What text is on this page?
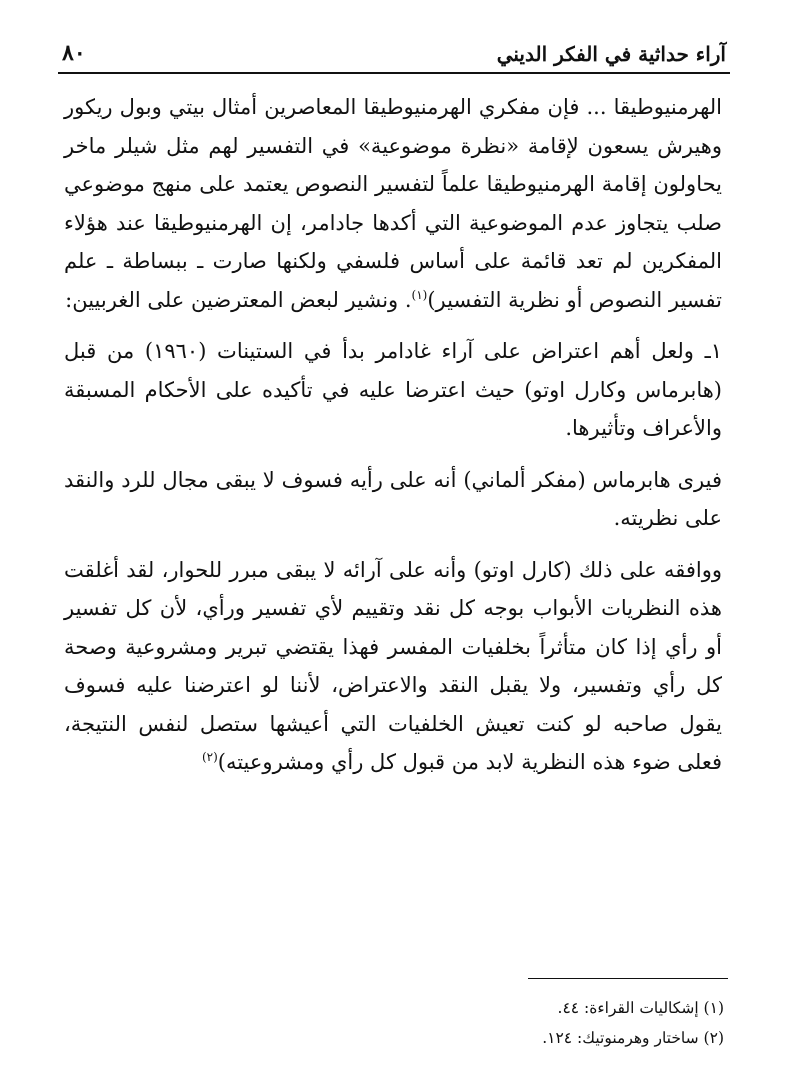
آراء حداثية في الفكر الديني
٨٠

الهرمنيوطيقا ... فإن مفكري الهرمنيوطيقا المعاصرين أمثال بيتي وبول ريكور وهيرش يسعون لإقامة «نظرة موضوعية» في التفسير لهم مثل شيلر ماخر يحاولون إقامة الهرمنيوطيقا علماً لتفسير النصوص يعتمد على منهج موضوعي صلب يتجاوز عدم الموضوعية التي أكدها جادامر، إن الهرمنيوطيقا عند هؤلاء المفكرين لم تعد قائمة على أساس فلسفي ولكنها صارت ـ ببساطة ـ علم تفسير النصوص أو نظرية التفسير)$^{(١)}$. ونشير لبعض المعترضين على الغربيين:

١ـ ولعل أهم اعتراض على آراء غادامر بدأ في الستينات (١٩٦٠) من قبل (هابرماس وكارل اوتو) حيث اعترضا عليه في تأكيده على الأحكام المسبقة والأعراف وتأثيرها.

فيرى هابرماس (مفكر ألماني) أنه على رأيه فسوف لا يبقى مجال للرد والنقد على نظريته.

ووافقه على ذلك (كارل اوتو) وأنه على آرائه لا يبقى مبرر للحوار، لقد أغلقت هذه النظريات الأبواب بوجه كل نقد وتقييم لأي تفسير ورأي، لأن كل تفسير أو رأي إذا كان متأثراً بخلفيات المفسر فهذا يقتضي تبرير ومشروعية وصحة كل رأي وتفسير، ولا يقبل النقد والاعتراض، لأننا لو اعترضنا عليه فسوف يقول صاحبه لو كنت تعيش الخلفيات التي أعيشها ستصل لنفس النتيجة، فعلى ضوء هذه النظرية لابد من قبول كل رأي ومشروعيته)$^{(٢)}$

(١) إشكاليات القراءة: ٤٤.
(٢) ساختار وهرمنوتيك: ١٢٤.
